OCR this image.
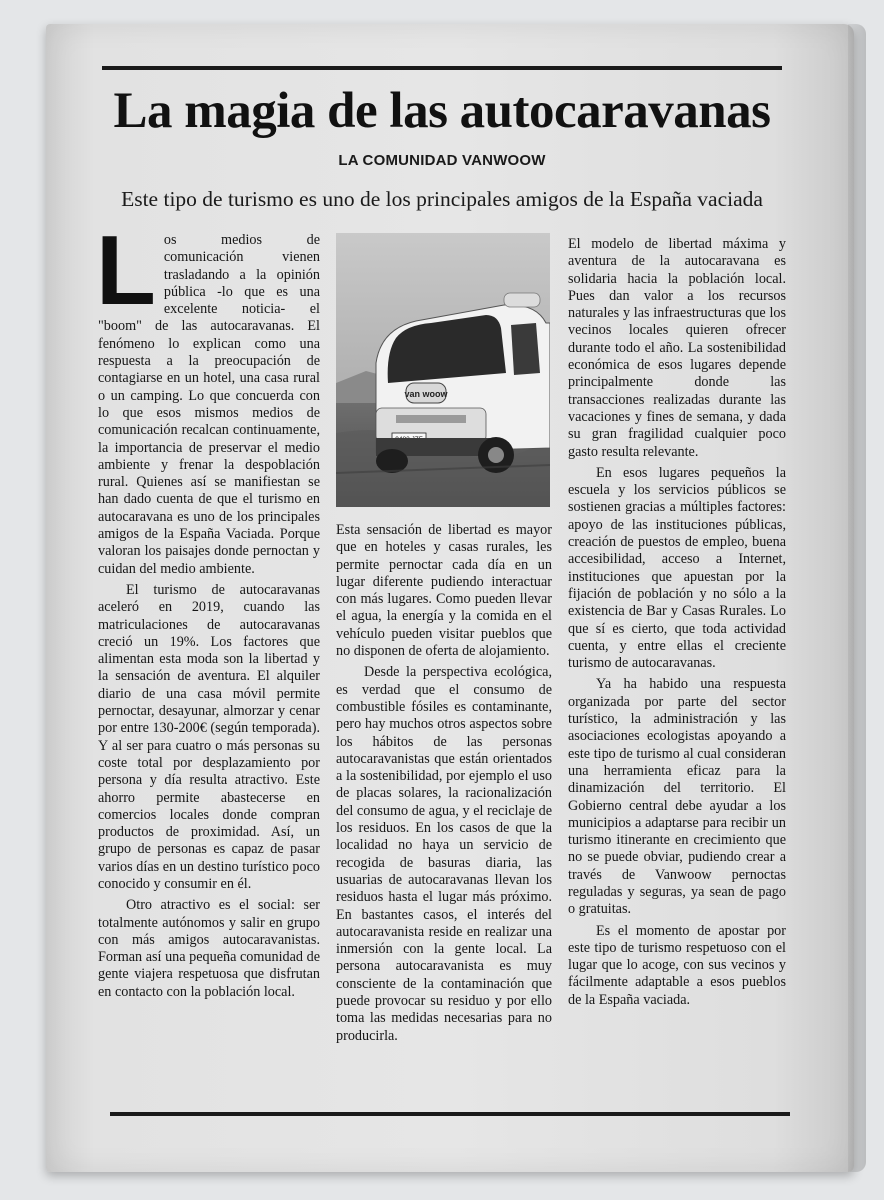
La magia de las autocaravanas
LA COMUNIDAD VANWOOW
Este tipo de turismo es uno de los principales amigos de la España vaciada

Los medios de comunicación vienen trasladando a la opinión pública -lo que es una excelente noticia- el "boom" de las autocaravanas. El fenómeno lo explican como una respuesta a la preocupación de contagiarse en un hotel, una casa rural o un camping. Lo que concuerda con lo que esos mismos medios de comunicación recalcan continuamente, la importancia de preservar el medio ambiente y frenar la despoblación rural. Quienes así se manifiestan se han dado cuenta de que el turismo en autocaravana es uno de los principales amigos de la España Vaciada. Porque valoran los paisajes donde pernoctan y cuidan del medio ambiente.

El turismo de autocaravanas aceleró en 2019, cuando las matriculaciones de autocaravanas creció un 19%. Los factores que alimentan esta moda son la libertad y la sensación de aventura. El alquiler diario de una casa móvil permite pernoctar, desayunar, almorzar y cenar por entre 130-200€ (según temporada). Y al ser para cuatro o más personas su coste total por desplazamiento por persona y día resulta atractivo. Este ahorro permite abastecerse en comercios locales donde compran productos de proximidad. Así, un grupo de personas es capaz de pasar varios días en un destino turístico poco conocido y consumir en él.

Otro atractivo es el social: ser totalmente autónomos y salir en grupo con más amigos autocaravanistas. Forman así una pequeña comunidad de gente viajera respetuosa que disfrutan en contacto con la población local.

van woow

Esta sensación de libertad es mayor que en hoteles y casas rurales, les permite pernoctar cada día en un lugar diferente pudiendo interactuar con más lugares. Como pueden llevar el agua, la energía y la comida en el vehículo pueden visitar pueblos que no disponen de oferta de alojamiento.

Desde la perspectiva ecológica, es verdad que el consumo de combustible fósiles es contaminante, pero hay muchos otros aspectos sobre los hábitos de las personas autocaravanistas que están orientados a la sostenibilidad, por ejemplo el uso de placas solares, la racionalización del consumo de agua, y el reciclaje de los residuos. En los casos de que la localidad no haya un servicio de recogida de basuras diaria, las usuarias de autocaravanas llevan los residuos hasta el lugar más próximo. En bastantes casos, el interés del autocaravanista reside en realizar una inmersión con la gente local. La persona autocaravanista es muy consciente de la contaminación que puede provocar su residuo y por ello toma las medidas necesarias para no producirla.

El modelo de libertad máxima y aventura de la autocaravana es solidaria hacia la población local. Pues dan valor a los recursos naturales y las infraestructuras que los vecinos locales quieren ofrecer durante todo el año. La sostenibilidad económica de esos lugares depende principalmente donde las transacciones realizadas durante las vacaciones y fines de semana, y dada su gran fragilidad cualquier poco gasto resulta relevante.

En esos lugares pequeños la escuela y los servicios públicos se sostienen gracias a múltiples factores: apoyo de las instituciones públicas, creación de puestos de empleo, buena accesibilidad, acceso a Internet, instituciones que apuestan por la fijación de población y no sólo a la existencia de Bar y Casas Rurales. Lo que sí es cierto, que toda actividad cuenta, y entre ellas el creciente turismo de autocaravanas.

Ya ha habido una respuesta organizada por parte del sector turístico, la administración y las asociaciones ecologistas apoyando a este tipo de turismo al cual consideran una herramienta eficaz para la dinamización del territorio. El Gobierno central debe ayudar a los municipios a adaptarse para recibir un turismo itinerante en crecimiento que no se puede obviar, pudiendo crear a través de Vanwoow pernoctas reguladas y seguras, ya sean de pago o gratuitas.

Es el momento de apostar por este tipo de turismo respetuoso con el lugar que lo acoge, con sus vecinos y fácilmente adaptable a esos pueblos de la España vaciada.
